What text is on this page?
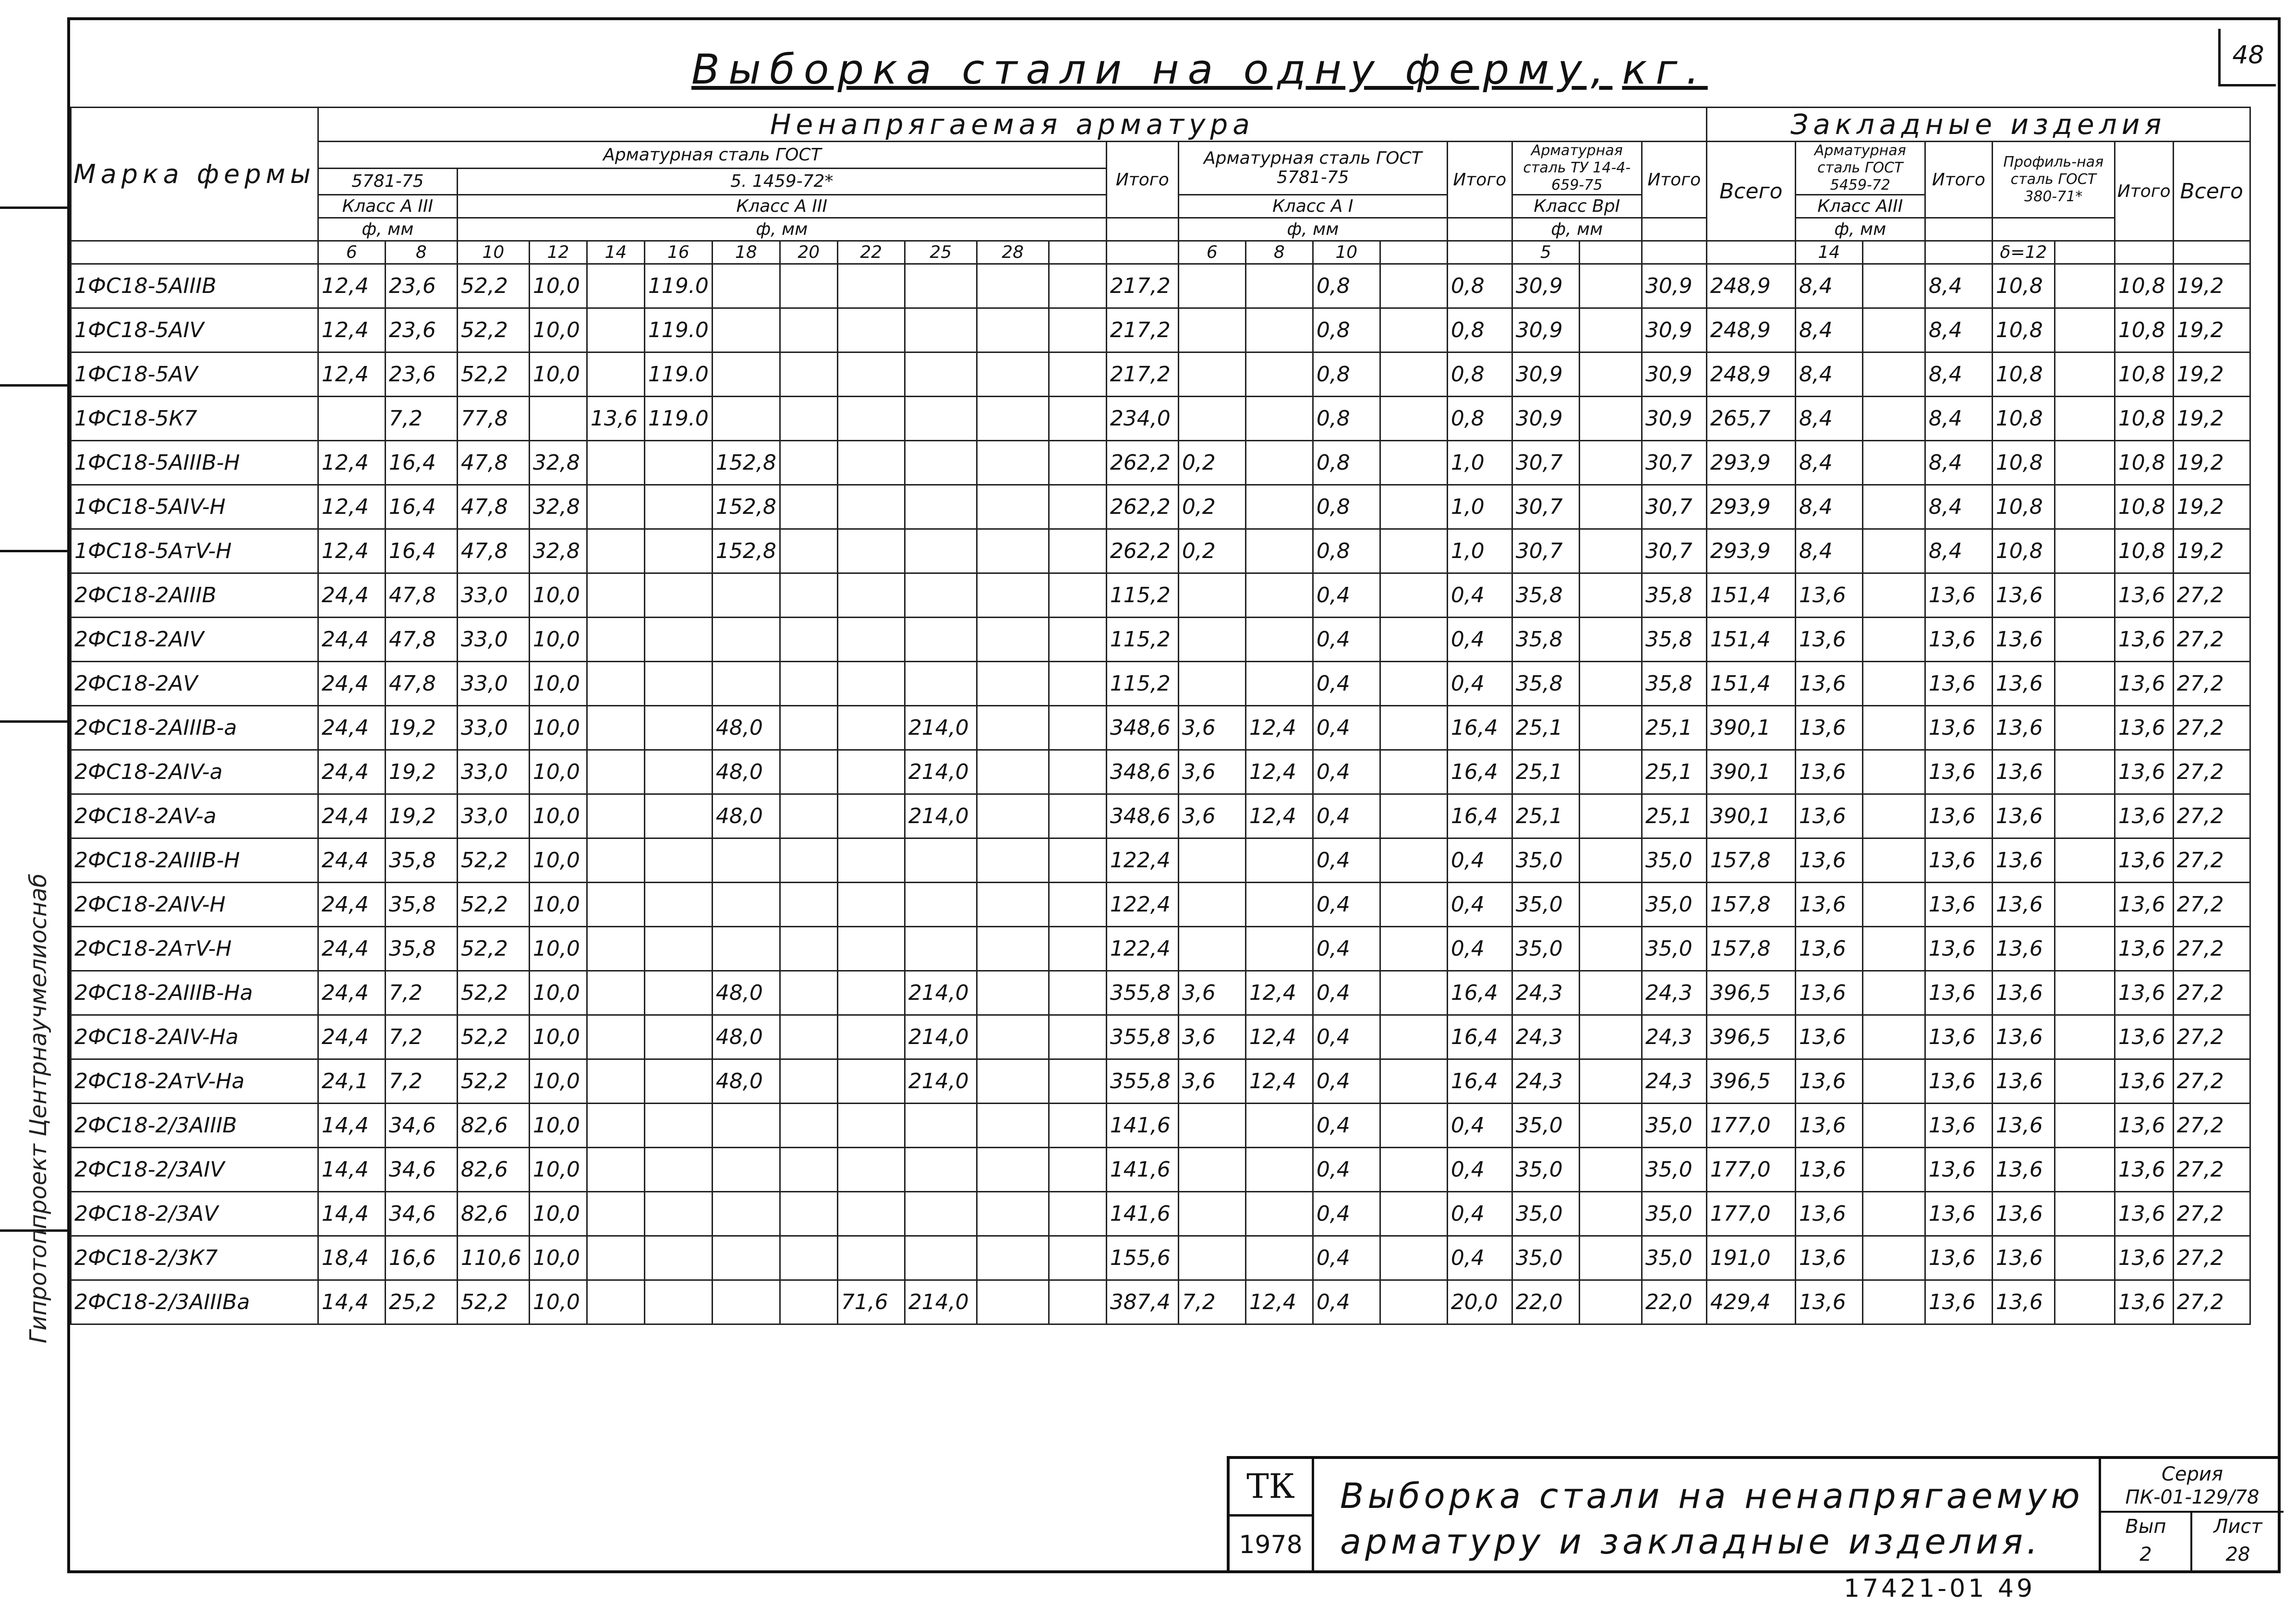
Гипротоппроект Центрнаучмелиоснаб
48
Выборка стали на одну ферму, кг.
Марка фермы	Ненапрягаемая арматура																					Закладные изделия							
	Арматурная сталь ГОСТ												Итого	Арматурная сталь ГОСТ 5781-75				Итого	Арматурная сталь ТУ 14-4-659-75		Итого	Всего	Арматурная сталь ГОСТ 5459-72		Итого	Профиль-ная сталь ГОСТ 380-71*		Итого	Всего
	5781-75		5. 1459-72*																										
	Класс А III		Класс А III											Класс А I					Класс ВрI				Класс АIII						
	ф, мм		ф, мм											ф, мм					ф, мм				ф, мм						
	6	8	10	12	14	16	18	20	22	25	28			6	8	10			5				14			δ=12			
1ФС18-5АIIIВ	12,4	23,6	52,2	10,0		119.0							217,2			0,8		0,8	30,9		30,9	248,9	8,4		8,4	10,8		10,8	19,2
1ФС18-5АIV	12,4	23,6	52,2	10,0		119.0							217,2			0,8		0,8	30,9		30,9	248,9	8,4		8,4	10,8		10,8	19,2
1ФС18-5АV	12,4	23,6	52,2	10,0		119.0							217,2			0,8		0,8	30,9		30,9	248,9	8,4		8,4	10,8		10,8	19,2
1ФС18-5К7		7,2	77,8		13,6	119.0							234,0			0,8		0,8	30,9		30,9	265,7	8,4		8,4	10,8		10,8	19,2
1ФС18-5АIIIВ-Н	12,4	16,4	47,8	32,8			152,8						262,2	0,2		0,8		1,0	30,7		30,7	293,9	8,4		8,4	10,8		10,8	19,2
1ФС18-5АIV-Н	12,4	16,4	47,8	32,8			152,8						262,2	0,2		0,8		1,0	30,7		30,7	293,9	8,4		8,4	10,8		10,8	19,2
1ФС18-5АтV-Н	12,4	16,4	47,8	32,8			152,8						262,2	0,2		0,8		1,0	30,7		30,7	293,9	8,4		8,4	10,8		10,8	19,2
2ФС18-2АIIIВ	24,4	47,8	33,0	10,0									115,2			0,4		0,4	35,8		35,8	151,4	13,6		13,6	13,6		13,6	27,2
2ФС18-2АIV	24,4	47,8	33,0	10,0									115,2			0,4		0,4	35,8		35,8	151,4	13,6		13,6	13,6		13,6	27,2
2ФС18-2АV	24,4	47,8	33,0	10,0									115,2			0,4		0,4	35,8		35,8	151,4	13,6		13,6	13,6		13,6	27,2
2ФС18-2АIIIВ-а	24,4	19,2	33,0	10,0			48,0			214,0			348,6	3,6	12,4	0,4		16,4	25,1		25,1	390,1	13,6		13,6	13,6		13,6	27,2
2ФС18-2АIV-а	24,4	19,2	33,0	10,0			48,0			214,0			348,6	3,6	12,4	0,4		16,4	25,1		25,1	390,1	13,6		13,6	13,6		13,6	27,2
2ФС18-2АV-а	24,4	19,2	33,0	10,0			48,0			214,0			348,6	3,6	12,4	0,4		16,4	25,1		25,1	390,1	13,6		13,6	13,6		13,6	27,2
2ФС18-2АIIIВ-Н	24,4	35,8	52,2	10,0									122,4			0,4		0,4	35,0		35,0	157,8	13,6		13,6	13,6		13,6	27,2
2ФС18-2АIV-Н	24,4	35,8	52,2	10,0									122,4			0,4		0,4	35,0		35,0	157,8	13,6		13,6	13,6		13,6	27,2
2ФС18-2АтV-Н	24,4	35,8	52,2	10,0									122,4			0,4		0,4	35,0		35,0	157,8	13,6		13,6	13,6		13,6	27,2
2ФС18-2АIIIВ-На	24,4	7,2	52,2	10,0			48,0			214,0			355,8	3,6	12,4	0,4		16,4	24,3		24,3	396,5	13,6		13,6	13,6		13,6	27,2
2ФС18-2АIV-На	24,4	7,2	52,2	10,0			48,0			214,0			355,8	3,6	12,4	0,4		16,4	24,3		24,3	396,5	13,6		13,6	13,6		13,6	27,2
2ФС18-2АтV-На	24,1	7,2	52,2	10,0			48,0			214,0			355,8	3,6	12,4	0,4		16,4	24,3		24,3	396,5	13,6		13,6	13,6		13,6	27,2
2ФС18-2/3АIIIВ	14,4	34,6	82,6	10,0									141,6			0,4		0,4	35,0		35,0	177,0	13,6		13,6	13,6		13,6	27,2
2ФС18-2/3АIV	14,4	34,6	82,6	10,0									141,6			0,4		0,4	35,0		35,0	177,0	13,6		13,6	13,6		13,6	27,2
2ФС18-2/3АV	14,4	34,6	82,6	10,0									141,6			0,4		0,4	35,0		35,0	177,0	13,6		13,6	13,6		13,6	27,2
2ФС18-2/3К7	18,4	16,6	110,6	10,0									155,6			0,4		0,4	35,0		35,0	191,0	13,6		13,6	13,6		13,6	27,2
2ФС18-2/3АIIIВа	14,4	25,2	52,2	10,0					71,6	214,0			387,4	7,2	12,4	0,4		20,0	22,0		22,0	429,4	13,6		13,6	13,6		13,6	27,2
ТК
1978
Выборка стали на ненапрягаемую
арматуру и закладные изделия.
Серия
ПК-01-129/78
Вып
2
Лист
28
17421-01 49
